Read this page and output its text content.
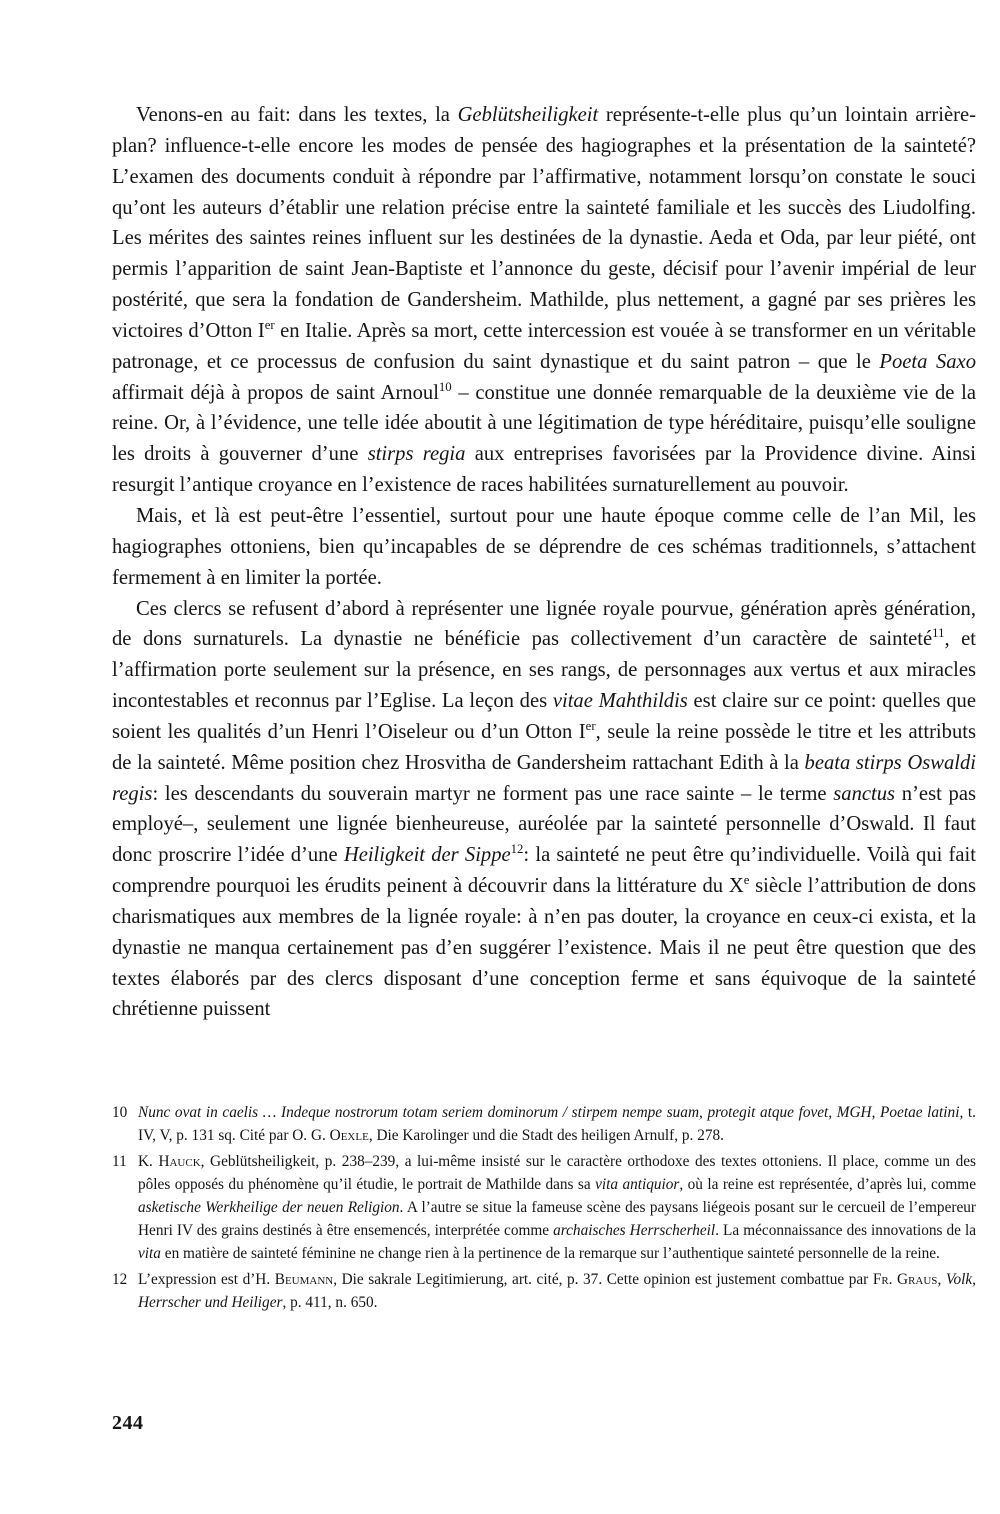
Venons-en au fait: dans les textes, la Geblütsheiligkeit représente-t-elle plus qu’un lointain arrière-plan? influence-t-elle encore les modes de pensée des hagiographes et la présentation de la sainteté? L’examen des documents conduit à répondre par l’affirmative, notamment lorsqu’on constate le souci qu’ont les auteurs d’établir une relation précise entre la sainteté familiale et les succès des Liudolfing. Les mérites des saintes reines influent sur les destinées de la dynastie. Aeda et Oda, par leur piété, ont permis l’apparition de saint Jean-Baptiste et l’annonce du geste, décisif pour l’avenir impérial de leur postérité, que sera la fondation de Gandersheim. Mathilde, plus nettement, a gagné par ses prières les victoires d’Otton Ier en Italie. Après sa mort, cette intercession est vouée à se transformer en un véritable patronage, et ce processus de confusion du saint dynastique et du saint patron – que le Poeta Saxo affirmait déjà à propos de saint Arnoul$^{10}$ – constitue une donnée remarquable de la deuxième vie de la reine. Or, à l’évidence, une telle idée aboutit à une légitimation de type héréditaire, puisqu’elle souligne les droits à gouverner d’une stirps regia aux entreprises favorisées par la Providence divine. Ainsi resurgit l’antique croyance en l’existence de races habilitées surnaturellement au pouvoir.

Mais, et là est peut-être l’essentiel, surtout pour une haute époque comme celle de l’an Mil, les hagiographes ottoniens, bien qu’incapables de se déprendre de ces schémas traditionnels, s’attachent fermement à en limiter la portée.

Ces clercs se refusent d’abord à représenter une lignée royale pourvue, génération après génération, de dons surnaturels. La dynastie ne bénéficie pas collectivement d’un caractère de sainteté$^{11}$, et l’affirmation porte seulement sur la présence, en ses rangs, de personnages aux vertus et aux miracles incontestables et reconnus par l’Eglise. La leçon des vitae Mahthildis est claire sur ce point: quelles que soient les qualités d’un Henri l’Oiseleur ou d’un Otton Ier, seule la reine possède le titre et les attributs de la sainteté. Même position chez Hrosvitha de Gandersheim rattachant Edith à la beata stirps Oswaldi regis: les descendants du souverain martyr ne forment pas une race sainte – le terme sanctus n’est pas employé–, seulement une lignée bienheureuse, auréolée par la sainteté personnelle d’Oswald. Il faut donc proscrire l’idée d’une Heiligkeit der Sippe$^{12}$: la sainteté ne peut être qu’individuelle. Voilà qui fait comprendre pourquoi les érudits peinent à découvrir dans la littérature du Xe siècle l’attribution de dons charismatiques aux membres de la lignée royale: à n’en pas douter, la croyance en ceux-ci exista, et la dynastie ne manqua certainement pas d’en suggérer l’existence. Mais il ne peut être question que des textes élaborés par des clercs disposant d’une conception ferme et sans équivoque de la sainteté chrétienne puissent

10 Nunc ovat in caelis … Indeque nostrorum totam seriem dominorum / stirpem nempe suam, protegit atque fovet, MGH, Poetae latini, t. IV, V, p. 131 sq. Cité par O. G. Oexle, Die Karolinger und die Stadt des heiligen Arnulf, p. 278.
11 K. Hauck, Geblütsheiligkeit, p. 238–239, a lui-même insisté sur le caractère orthodoxe des textes ottoniens. Il place, comme un des pôles opposés du phénomène qu’il étudie, le portrait de Mathilde dans sa vita antiquior, où la reine est représentée, d’après lui, comme asketische Werkheilige der neuen Religion. A l’autre se situe la fameuse scène des paysans liégeois posant sur le cercueil de l’empereur Henri IV des grains destinés à être ensemencés, interprétée comme archaisches Herrscherheil. La méconnaissance des innovations de la vita en matière de sainteté féminine ne change rien à la pertinence de la remarque sur l’authentique sainteté personnelle de la reine.
12 L’expression est d’H. Beumann, Die sakrale Legitimierung, art. cité, p. 37. Cette opinion est justement combattue par Fr. Graus, Volk, Herrscher und Heiliger, p. 411, n. 650.
244
